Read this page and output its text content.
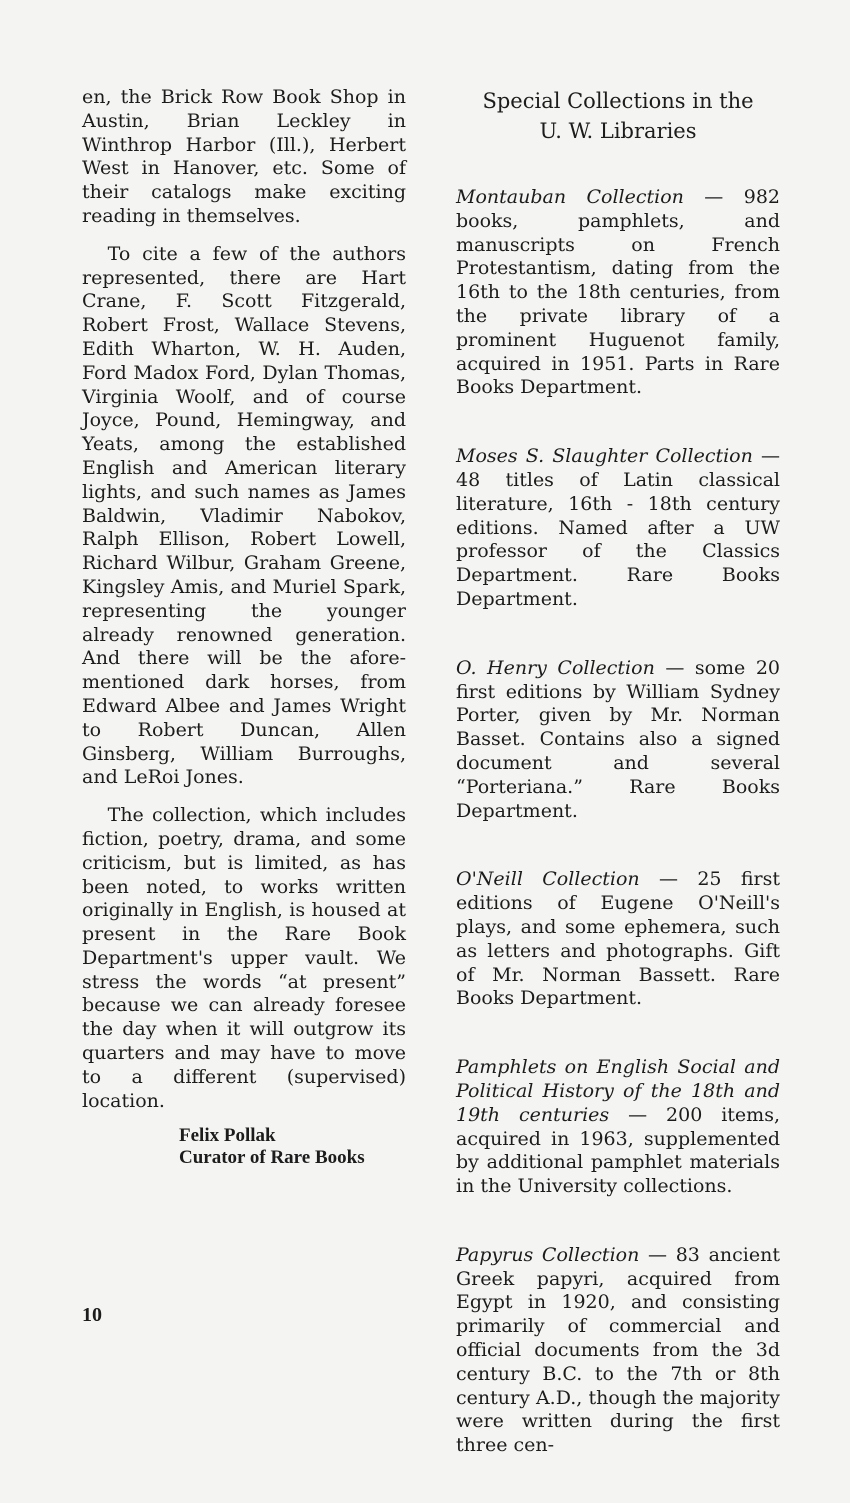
en, the Brick Row Book Shop in Austin, Brian Leckley in Winthrop Harbor (Ill.), Herbert West in Hanover, etc. Some of their catalogs make exciting reading in themselves.

To cite a few of the authors represented, there are Hart Crane, F. Scott Fitzgerald, Robert Frost, Wallace Stevens, Edith Wharton, W. H. Auden, Ford Madox Ford, Dylan Thomas, Virginia Woolf, and of course Joyce, Pound, Hemingway, and Yeats, among the established English and American literary lights, and such names as James Baldwin, Vladimir Nabokov, Ralph Ellison, Robert Lowell, Richard Wilbur, Graham Greene, Kingsley Amis, and Muriel Spark, representing the younger already renowned generation. And there will be the afore-mentioned dark horses, from Edward Albee and James Wright to Robert Duncan, Allen Ginsberg, William Burroughs, and LeRoi Jones.

The collection, which includes fiction, poetry, drama, and some criticism, but is limited, as has been noted, to works written originally in English, is housed at present in the Rare Book Department's upper vault. We stress the words “at present” because we can already foresee the day when it will outgrow its quarters and may have to move to a different (supervised) location.

Felix Pollak
Curator of Rare Books
Special Collections in the
U. W. Libraries

Montauban Collection — 982 books, pamphlets, and manuscripts on French Protestantism, dating from the 16th to the 18th centuries, from the private library of a prominent Huguenot family, acquired in 1951. Parts in Rare Books Department.

Moses S. Slaughter Collection — 48 titles of Latin classical literature, 16th - 18th century editions. Named after a UW professor of the Classics Department. Rare Books Department.

O. Henry Collection — some 20 first editions by William Sydney Porter, given by Mr. Norman Basset. Contains also a signed document and several “Porteriana.” Rare Books Department.

O'Neill Collection — 25 first editions of Eugene O'Neill's plays, and some ephemera, such as letters and photographs. Gift of Mr. Norman Bassett. Rare Books Department.

Pamphlets on English Social and Political History of the 18th and 19th centuries — 200 items, acquired in 1963, supplemented by additional pamphlet materials in the University collections.

Papyrus Collection — 83 ancient Greek papyri, acquired from Egypt in 1920, and consisting primarily of commercial and official documents from the 3d century B.C. to the 7th or 8th century A.D., though the majority were written during the first three cen-

10
